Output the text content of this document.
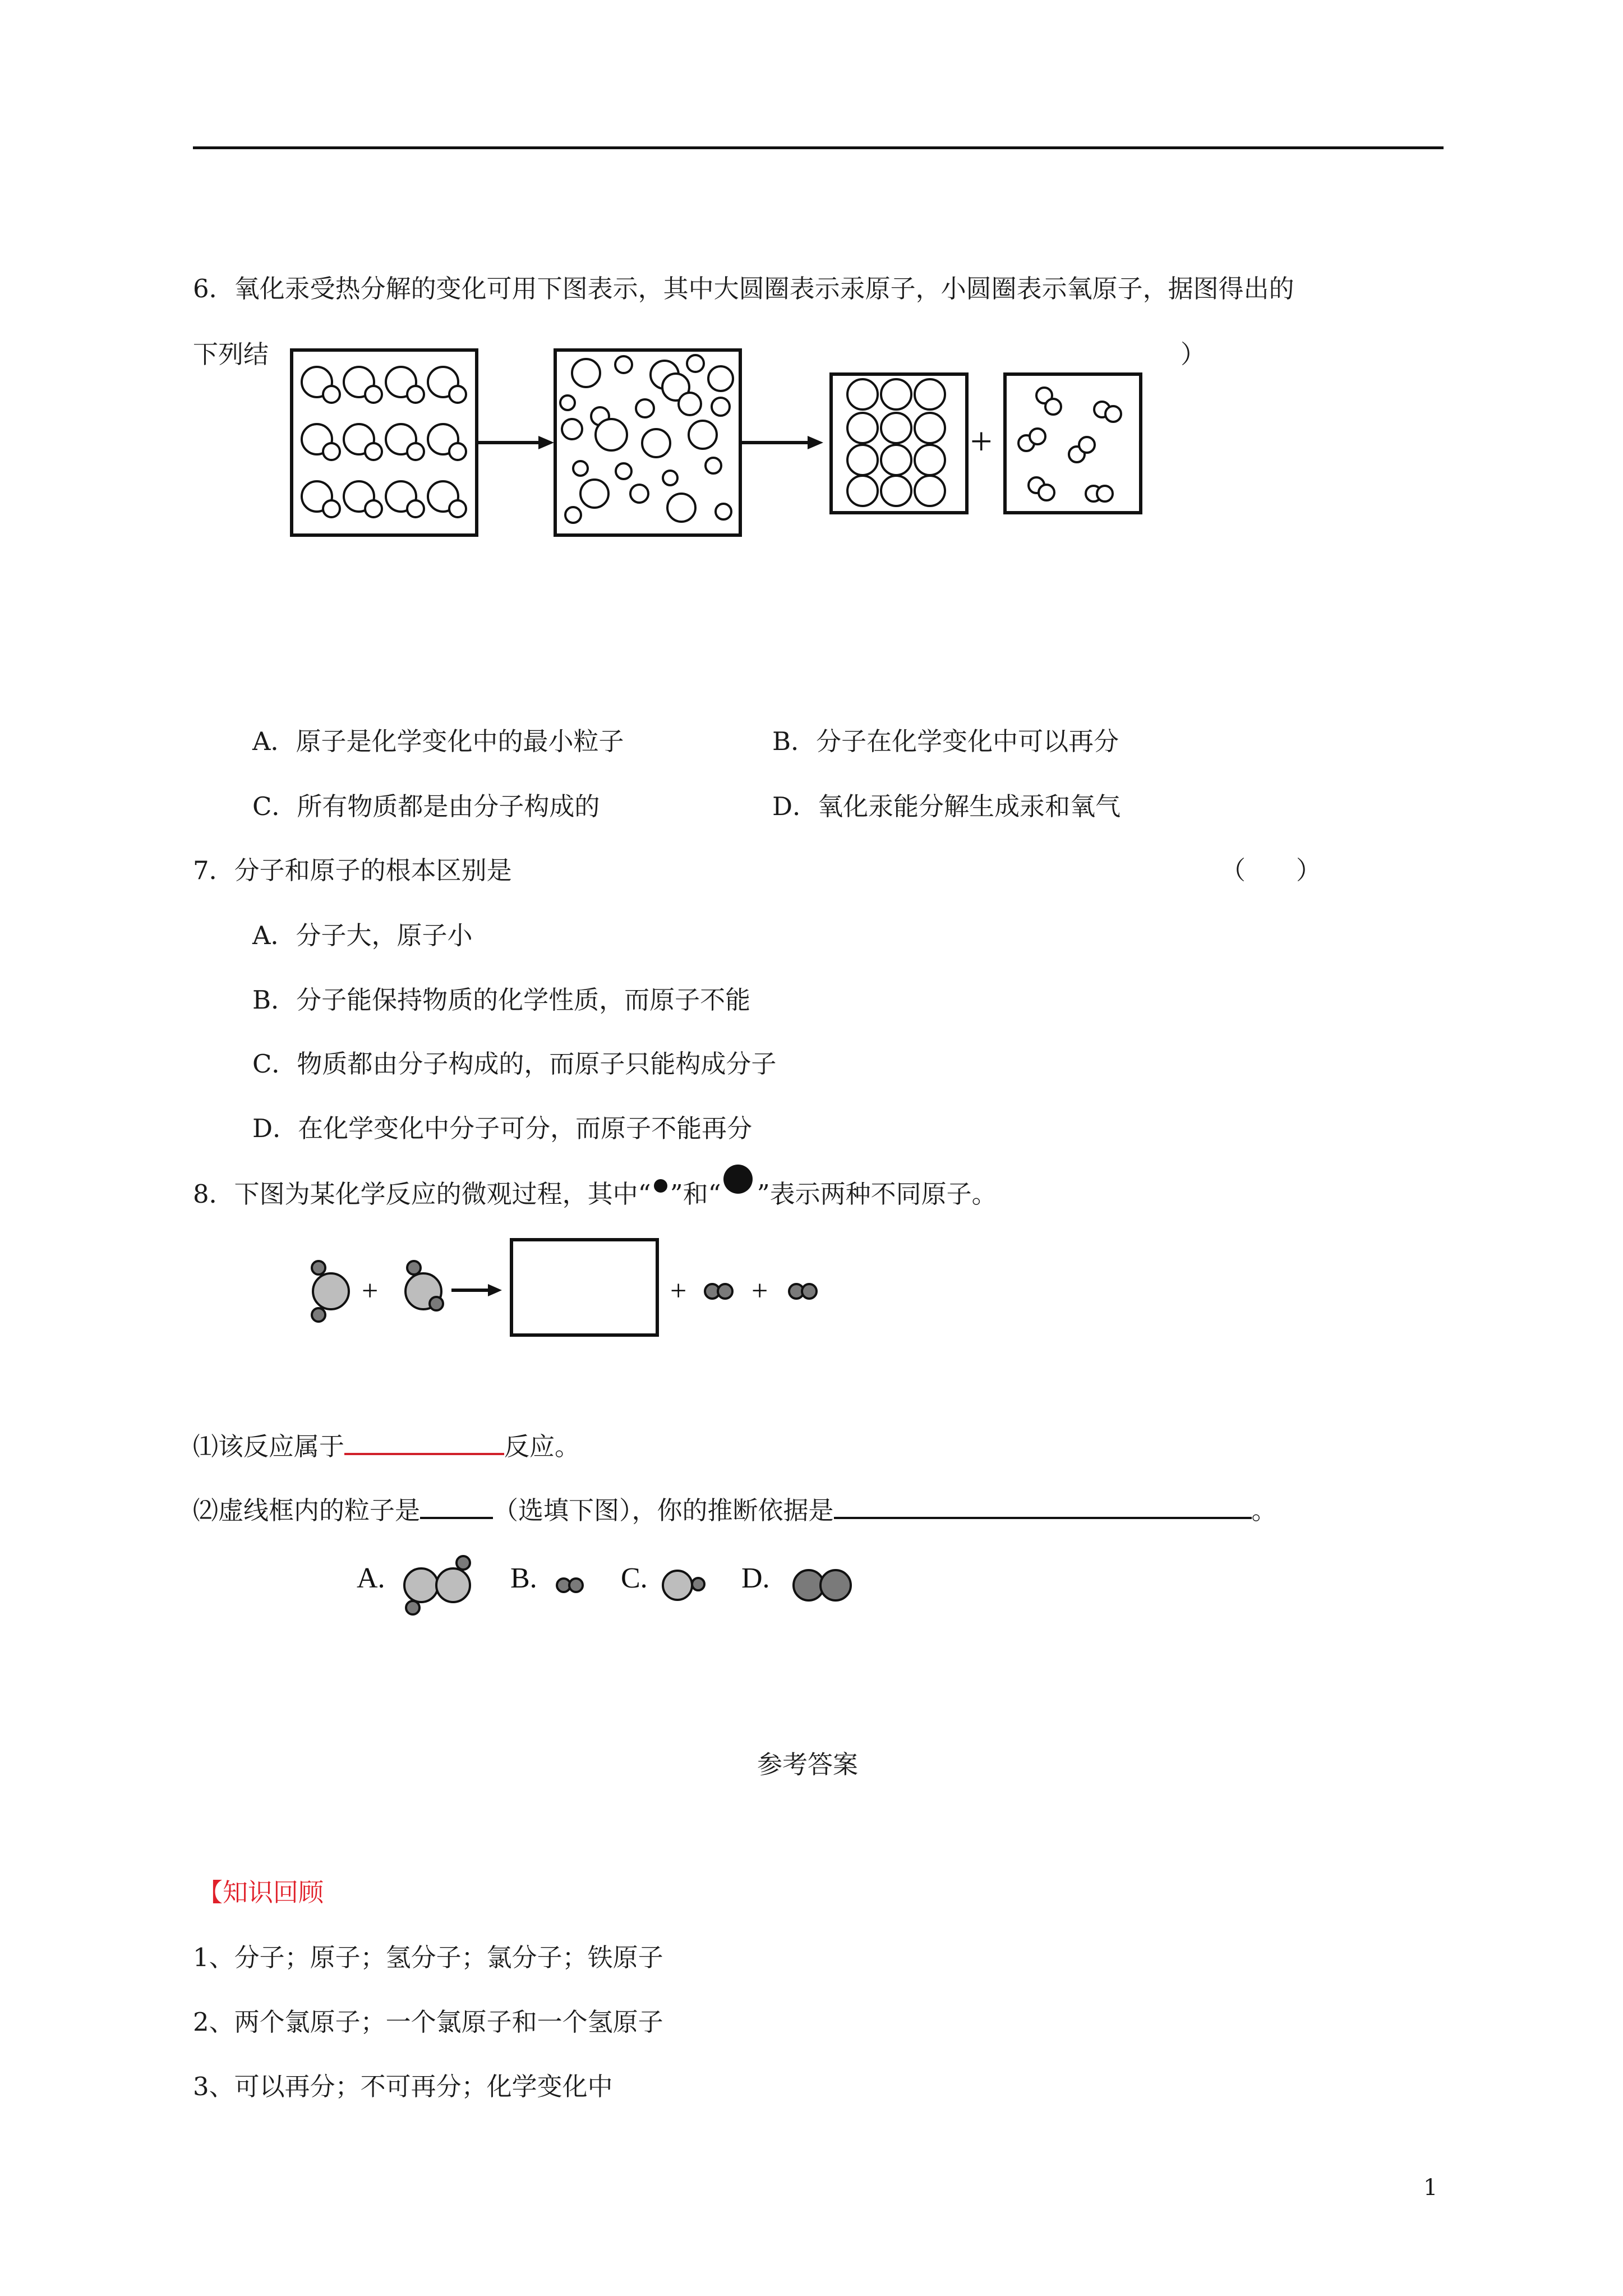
6．氧化汞受热分解的变化可用下图表示，其中大圆圈表示汞原子，小圆圈表示氧原子，据图得出的
下列结	）
+
A．原子是化学变化中的最小粒子	B．分子在化学变化中可以再分
C．所有物质都是由分子构成的	D．氧化汞能分解生成汞和氧气
7．分子和原子的根本区别是	（　　）
A．分子大，原子小
B．分子能保持物质的化学性质，而原子不能
C．物质都由分子构成的，而原子只能构成分子
D．在化学变化中分子可分，而原子不能再分
8．下图为某化学反应的微观过程，其中“ ”和“ ”表示两种不同原子。
+	+ +
⑴该反应属于	反应。
⑵虚线框内的粒子是	（选填下图），你的推断依据是	。
A.	B.	C.	D.
参考答案
【知识回顾
1、分子；原子；氢分子；氯分子；铁原子
2、两个氯原子；一个氯原子和一个氢原子
3、可以再分；不可再分；化学变化中
1
